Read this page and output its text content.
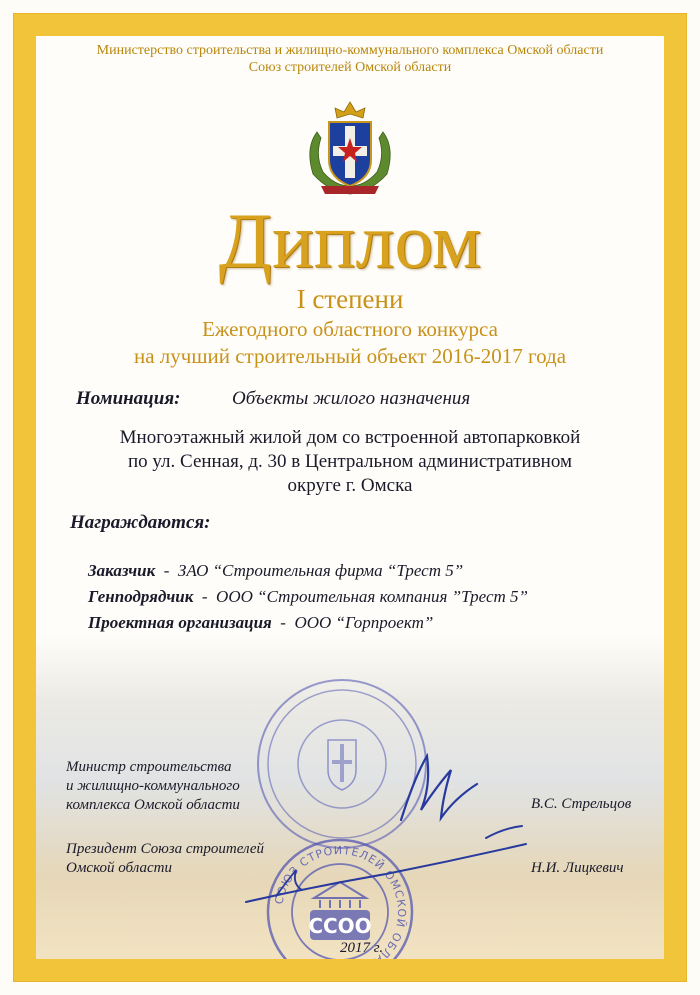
Министерство строительства и жилищно-коммунального комплекса Омской области
Союз строителей Омской области
Диплом
I степени
Ежегодного областного конкурса
на лучший строительный объект 2016-2017 года
Номинация:	Объекты жилого назначения
Многоэтажный жилой дом со встроенной автопарковкой
по ул. Сенная, д. 30 в Центральном административном
округе г. Омска
Награждаются:
Заказчик - ЗАО “Строительная фирма “Трест 5”
Генподрядчик - ООО “Строительная компания ”Трест 5”
Проектная организация - ООО “Горпроект”
Министр строительства
и жилищно-коммунального
комплекса Омской области	В.С. Стрельцов
СОЮЗ СТРОИТЕЛЕЙ ОМСКОЙ ОБЛАСТИ
ССОО
Президент Союза строителей
Омской области	Н.И. Лицкевич
2017 г.
